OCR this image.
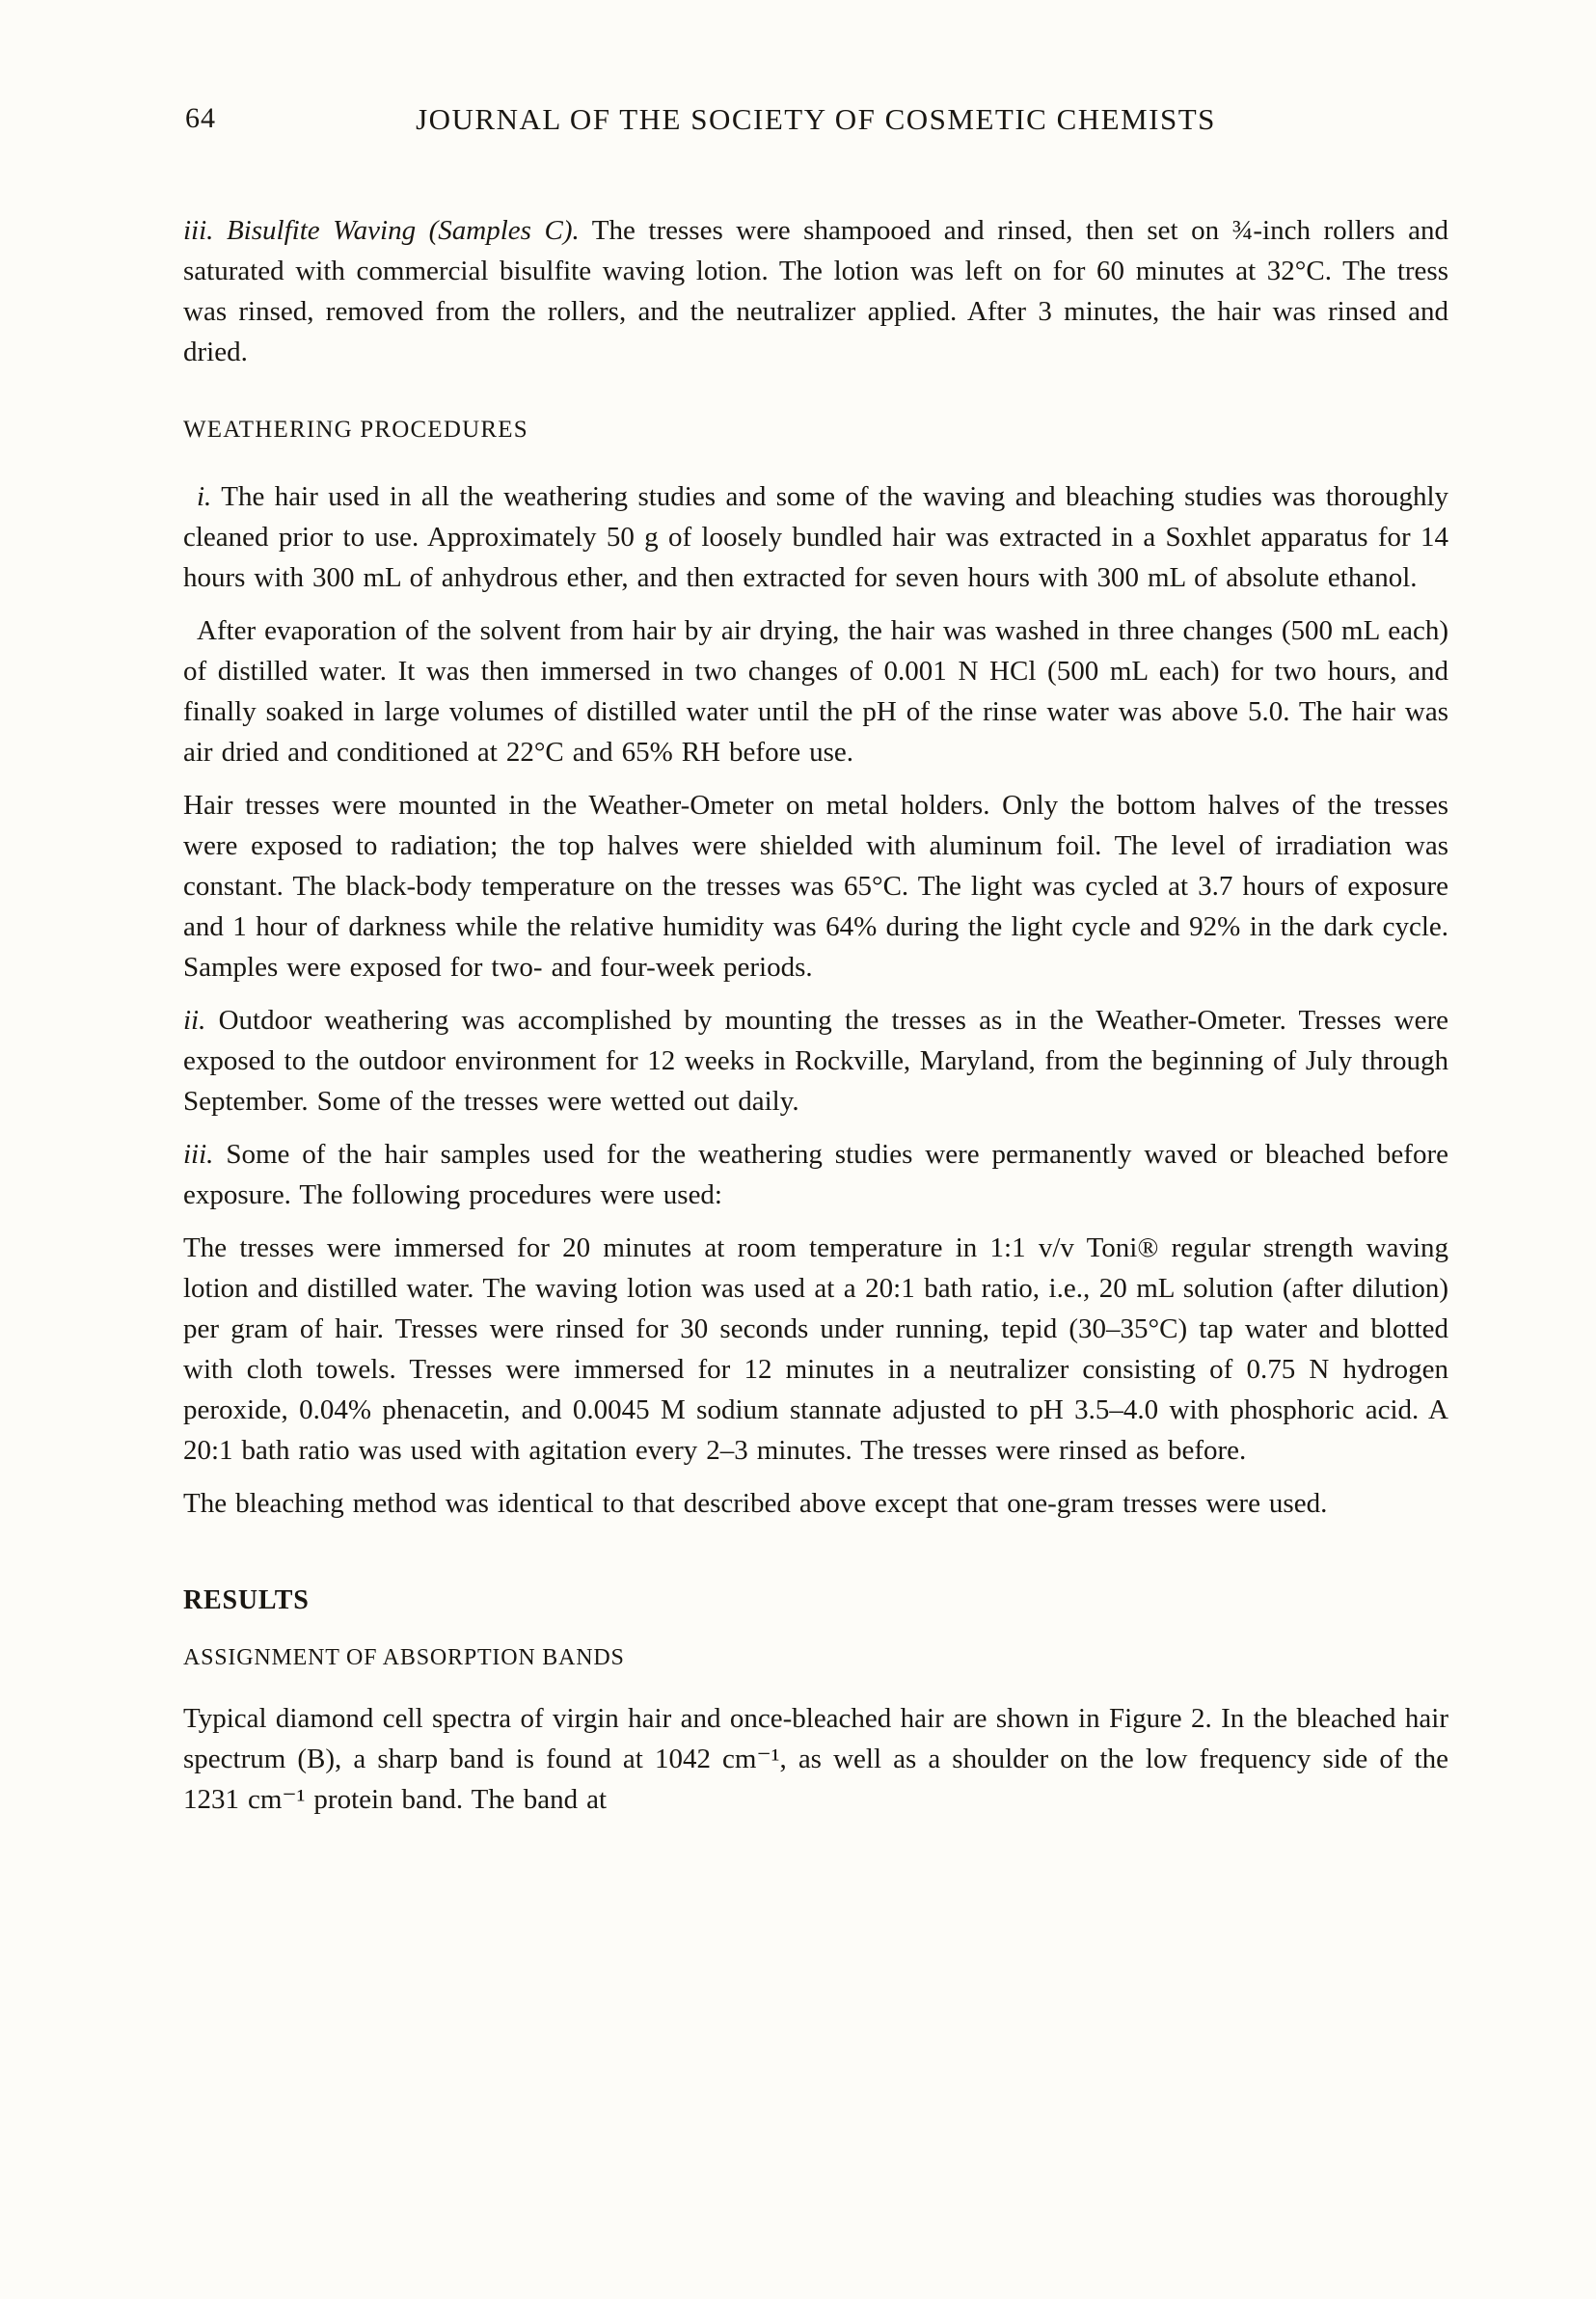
64	JOURNAL OF THE SOCIETY OF COSMETIC CHEMISTS

iii. Bisulfite Waving (Samples C). The tresses were shampooed and rinsed, then set on ¾-inch rollers and saturated with commercial bisulfite waving lotion. The lotion was left on for 60 minutes at 32°C. The tress was rinsed, removed from the rollers, and the neutralizer applied. After 3 minutes, the hair was rinsed and dried.

WEATHERING PROCEDURES

i. The hair used in all the weathering studies and some of the waving and bleaching studies was thoroughly cleaned prior to use. Approximately 50 g of loosely bundled hair was extracted in a Soxhlet apparatus for 14 hours with 300 mL of anhydrous ether, and then extracted for seven hours with 300 mL of absolute ethanol.

After evaporation of the solvent from hair by air drying, the hair was washed in three changes (500 mL each) of distilled water. It was then immersed in two changes of 0.001 N HCl (500 mL each) for two hours, and finally soaked in large volumes of distilled water until the pH of the rinse water was above 5.0. The hair was air dried and conditioned at 22°C and 65% RH before use.

Hair tresses were mounted in the Weather-Ometer on metal holders. Only the bottom halves of the tresses were exposed to radiation; the top halves were shielded with aluminum foil. The level of irradiation was constant. The black-body temperature on the tresses was 65°C. The light was cycled at 3.7 hours of exposure and 1 hour of darkness while the relative humidity was 64% during the light cycle and 92% in the dark cycle. Samples were exposed for two- and four-week periods.

ii. Outdoor weathering was accomplished by mounting the tresses as in the Weather-Ometer. Tresses were exposed to the outdoor environment for 12 weeks in Rockville, Maryland, from the beginning of July through September. Some of the tresses were wetted out daily.

iii. Some of the hair samples used for the weathering studies were permanently waved or bleached before exposure. The following procedures were used:

The tresses were immersed for 20 minutes at room temperature in 1:1 v/v Toni® regular strength waving lotion and distilled water. The waving lotion was used at a 20:1 bath ratio, i.e., 20 mL solution (after dilution) per gram of hair. Tresses were rinsed for 30 seconds under running, tepid (30–35°C) tap water and blotted with cloth towels. Tresses were immersed for 12 minutes in a neutralizer consisting of 0.75 N hydrogen peroxide, 0.04% phenacetin, and 0.0045 M sodium stannate adjusted to pH 3.5–4.0 with phosphoric acid. A 20:1 bath ratio was used with agitation every 2–3 minutes. The tresses were rinsed as before.

The bleaching method was identical to that described above except that one-gram tresses were used.

RESULTS
ASSIGNMENT OF ABSORPTION BANDS

Typical diamond cell spectra of virgin hair and once-bleached hair are shown in Figure 2. In the bleached hair spectrum (B), a sharp band is found at 1042 cm⁻¹, as well as a shoulder on the low frequency side of the 1231 cm⁻¹ protein band. The band at
